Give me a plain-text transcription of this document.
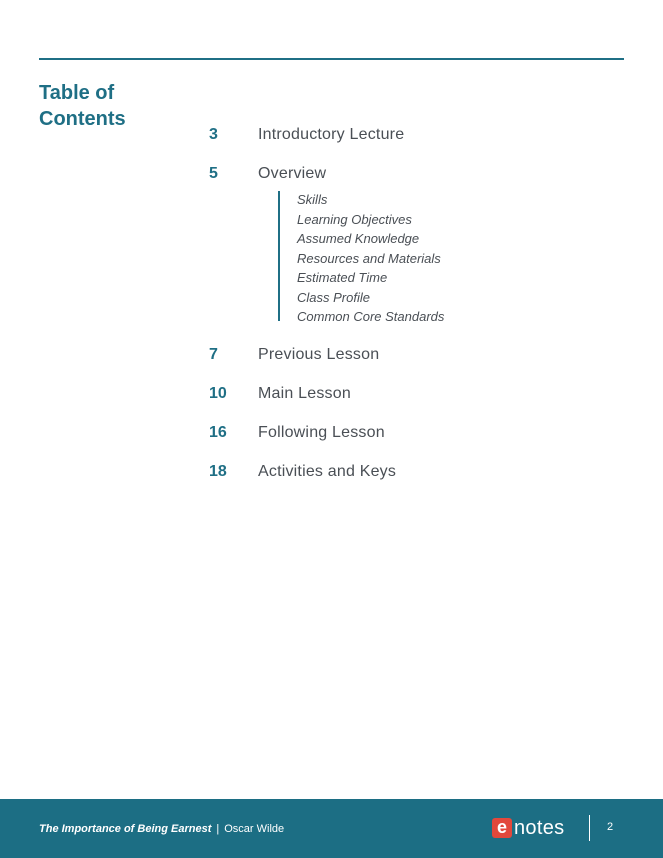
Table of Contents
3	Introductory Lecture
5	Overview
7	Previous Lesson
10	Main Lesson
16	Following Lesson
18	Activities and Keys
Skills
Learning Objectives
Assumed Knowledge
Resources and Materials
Estimated Time
Class Profile
Common Core Standards
The Importance of Being Earnest | Oscar Wilde	e notes	2
